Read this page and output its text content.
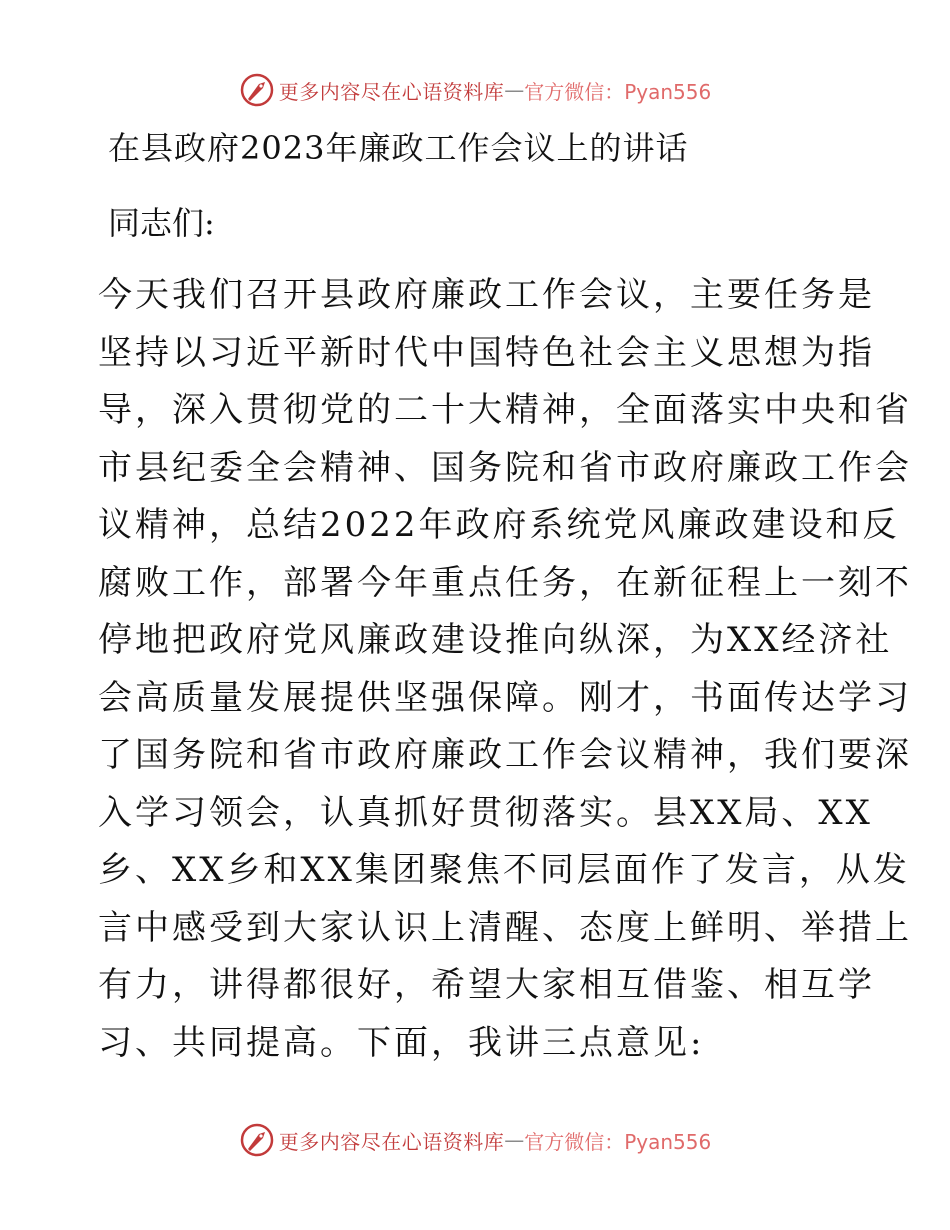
更多内容尽在心语资料库 — 官方微信：Pyan556
在县政府2023年廉政工作会议上的讲话
同志们:
今天我们召开县政府廉政工作会议，主要任务是
坚持以习近平新时代中国特色社会主义思想为指
导，深入贯彻党的二十大精神，全面落实中央和省
市县纪委全会精神、国务院和省市政府廉政工作会
议精神，总结2022年政府系统党风廉政建设和反
腐败工作，部署今年重点任务，在新征程上一刻不
停地把政府党风廉政建设推向纵深，为XX经济社
会高质量发展提供坚强保障。刚才，书面传达学习
了国务院和省市政府廉政工作会议精神，我们要深
入学习领会，认真抓好贯彻落实。县XX局、XX
乡、XX乡和XX集团聚焦不同层面作了发言，从发
言中感受到大家认识上清醒、态度上鲜明、举措上
有力，讲得都很好，希望大家相互借鉴、相互学
习、共同提高。下面，我讲三点意见:
更多内容尽在心语资料库 — 官方微信：Pyan556
